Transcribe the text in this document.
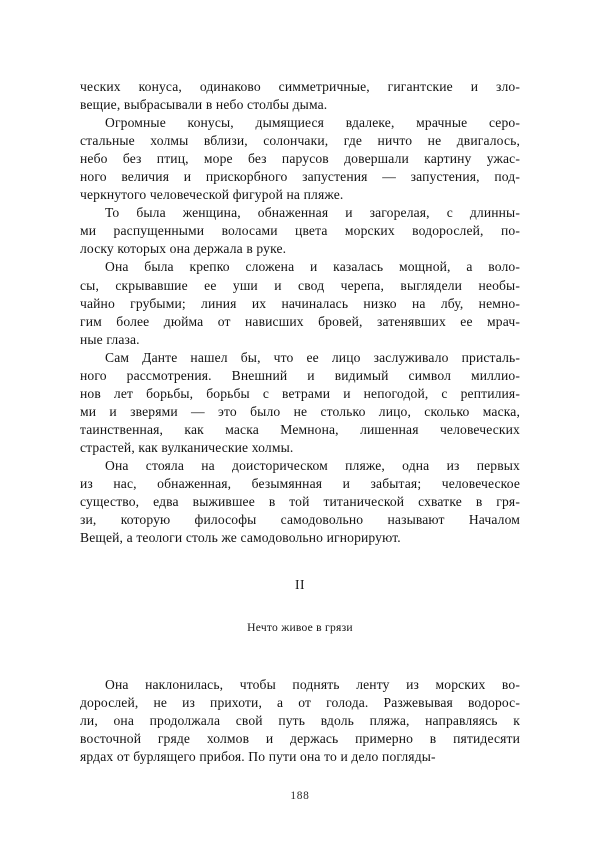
ческих конуса, одинаково симметричные, гигантские и зло-
вещие, выбрасывали в небо столбы дыма.

Огромные конусы, дымящиеся вдалеке, мрачные серо-
стальные холмы вблизи, солончаки, где ничто не двигалось,
небо без птиц, море без парусов довершали картину ужас-
ного величия и прискорбного запустения — запустения, под-
черкнутого человеческой фигурой на пляже.

То была женщина, обнаженная и загорелая, с длинны-
ми распущенными волосами цвета морских водорослей, по-
лоску которых она держала в руке.

Она была крепко сложена и казалась мощной, а воло-
сы, скрывавшие ее уши и свод черепа, выглядели необы-
чайно грубыми; линия их начиналась низко на лбу, немно-
гим более дюйма от нависших бровей, затенявших ее мрач-
ные глаза.

Сам Данте нашел бы, что ее лицо заслуживало присталь-
ного рассмотрения. Внешний и видимый символ миллио-
нов лет борьбы, борьбы с ветрами и непогодой, с рептилия-
ми и зверями — это было не столько лицо, сколько маска,
таинственная, как маска Мемнона, лишенная человеческих
страстей, как вулканические холмы.

Она стояла на доисторическом пляже, одна из первых
из нас, обнаженная, безымянная и забытая; человеческое
существо, едва выжившее в той титанической схватке в гря-
зи, которую философы самодовольно называют Началом
Вещей, а теологи столь же самодовольно игнорируют.

II
Нечто живое в грязи

Она наклонилась, чтобы поднять ленту из морских во-
дорослей, не из прихоти, а от голода. Разжевывая водорос-
ли, она продолжала свой путь вдоль пляжа, направляясь к
восточной гряде холмов и держась примерно в пятидесяти
ярдах от бурлящего прибоя. По пути она то и дело погляды-

188
